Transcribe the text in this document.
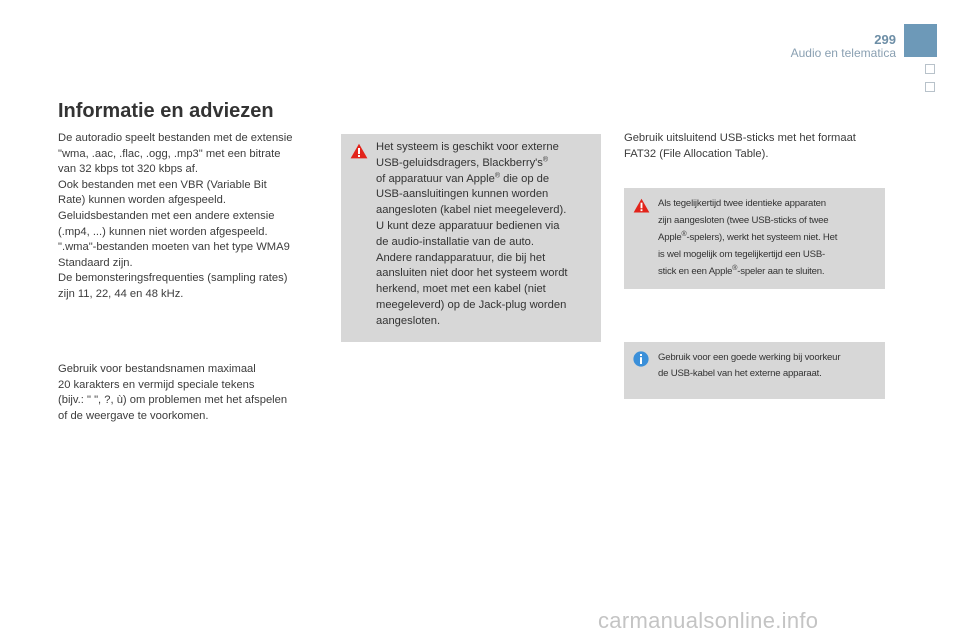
299
Audio en telematica
Informatie en adviezen

De autoradio speelt bestanden met de extensie

"wma, .aac, .flac, .ogg, .mp3" met een bitrate

van 32 kbps tot 320 kbps af.

Ook bestanden met een VBR (Variable Bit

Rate) kunnen worden afgespeeld.

Geluidsbestanden met een andere extensie

(.mp4, ...) kunnen niet worden afgespeeld.

".wma"-bestanden moeten van het type WMA9

Standaard zijn.

De bemonsteringsfrequenties (sampling rates)

zijn 11, 22, 44 en 48 kHz.

Gebruik voor bestandsnamen maximaal

20 karakters en vermijd speciale tekens

(bijv.: " ", ?, ù) om problemen met het afspelen

of de weergave te voorkomen.

Het systeem is geschikt voor externe
USB-geluidsdragers, Blackberry's®
of apparatuur van Apple® die op de
USB-aansluitingen kunnen worden
aangesloten (kabel niet meegeleverd).
U kunt deze apparatuur bedienen via
de audio-installatie van de auto.
Andere randapparatuur, die bij het
aansluiten niet door het systeem wordt
herkend, moet met een kabel (niet
meegeleverd) op de Jack-plug worden
aangesloten.
Gebruik uitsluitend USB-sticks met het formaat
FAT32 (File Allocation Table).
Als tegelijkertijd twee identieke apparaten
zijn aangesloten (twee USB-sticks of twee
Apple®-spelers), werkt het systeem niet. Het
is wel mogelijk om tegelijkertijd een USB-
stick en een Apple®-speler aan te sluiten.
Gebruik voor een goede werking bij voorkeur
de USB-kabel van het externe apparaat.
carmanualsonline.info
